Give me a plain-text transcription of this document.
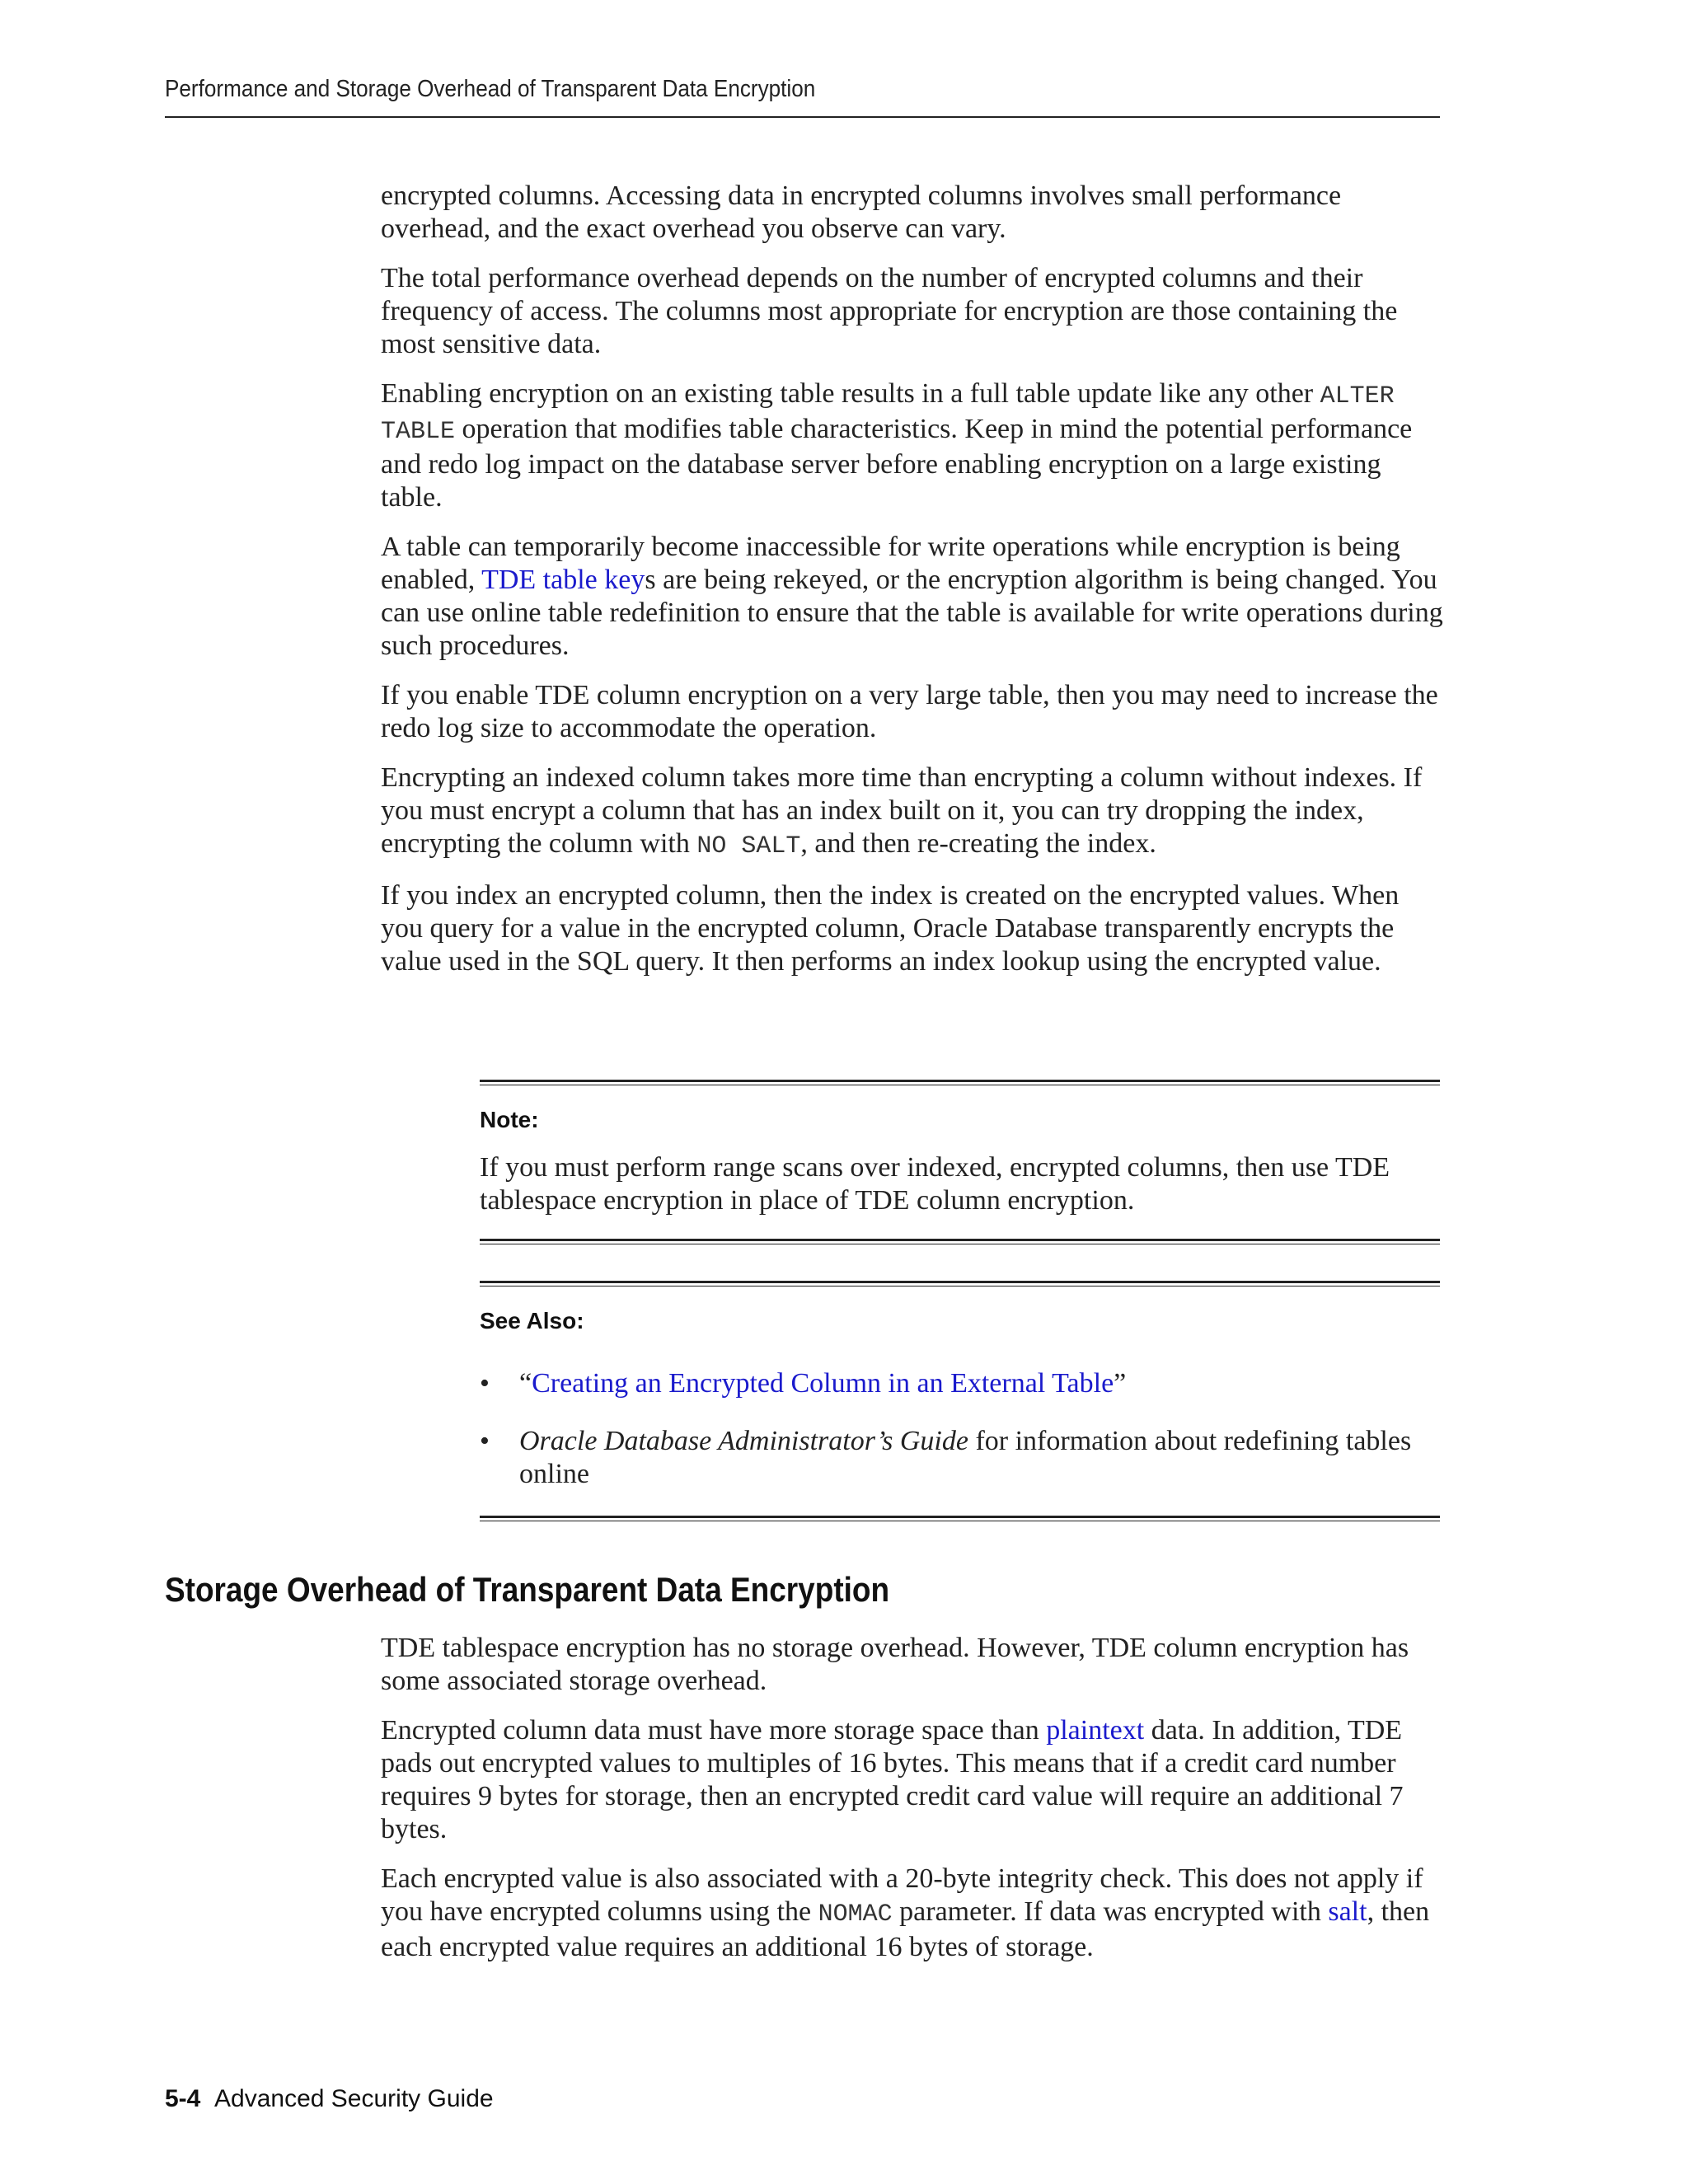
Performance and Storage Overhead of Transparent Data Encryption

encrypted columns. Accessing data in encrypted columns involves small performance overhead, and the exact overhead you observe can vary.

The total performance overhead depends on the number of encrypted columns and their frequency of access. The columns most appropriate for encryption are those containing the most sensitive data.

Enabling encryption on an existing table results in a full table update like any other ALTER TABLE operation that modifies table characteristics. Keep in mind the potential performance and redo log impact on the database server before enabling encryption on a large existing table.

A table can temporarily become inaccessible for write operations while encryption is being enabled, TDE table keys are being rekeyed, or the encryption algorithm is being changed. You can use online table redefinition to ensure that the table is available for write operations during such procedures.

If you enable TDE column encryption on a very large table, then you may need to increase the redo log size to accommodate the operation.

Encrypting an indexed column takes more time than encrypting a column without indexes. If you must encrypt a column that has an index built on it, you can try dropping the index, encrypting the column with NO SALT, and then re-creating the index.

If you index an encrypted column, then the index is created on the encrypted values. When you query for a value in the encrypted column, Oracle Database transparently encrypts the value used in the SQL query. It then performs an index lookup using the encrypted value.

Note:
If you must perform range scans over indexed, encrypted columns, then use TDE tablespace encryption in place of TDE column encryption.
See Also:
• “Creating an Encrypted Column in an External Table”
• Oracle Database Administrator’s Guide for information about redefining tables online
Storage Overhead of Transparent Data Encryption

TDE tablespace encryption has no storage overhead. However, TDE column encryption has some associated storage overhead.

Encrypted column data must have more storage space than plaintext data. In addition, TDE pads out encrypted values to multiples of 16 bytes. This means that if a credit card number requires 9 bytes for storage, then an encrypted credit card value will require an additional 7 bytes.

Each encrypted value is also associated with a 20-byte integrity check. This does not apply if you have encrypted columns using the NOMAC parameter. If data was encrypted with salt, then each encrypted value requires an additional 16 bytes of storage.

5-4 Advanced Security Guide
